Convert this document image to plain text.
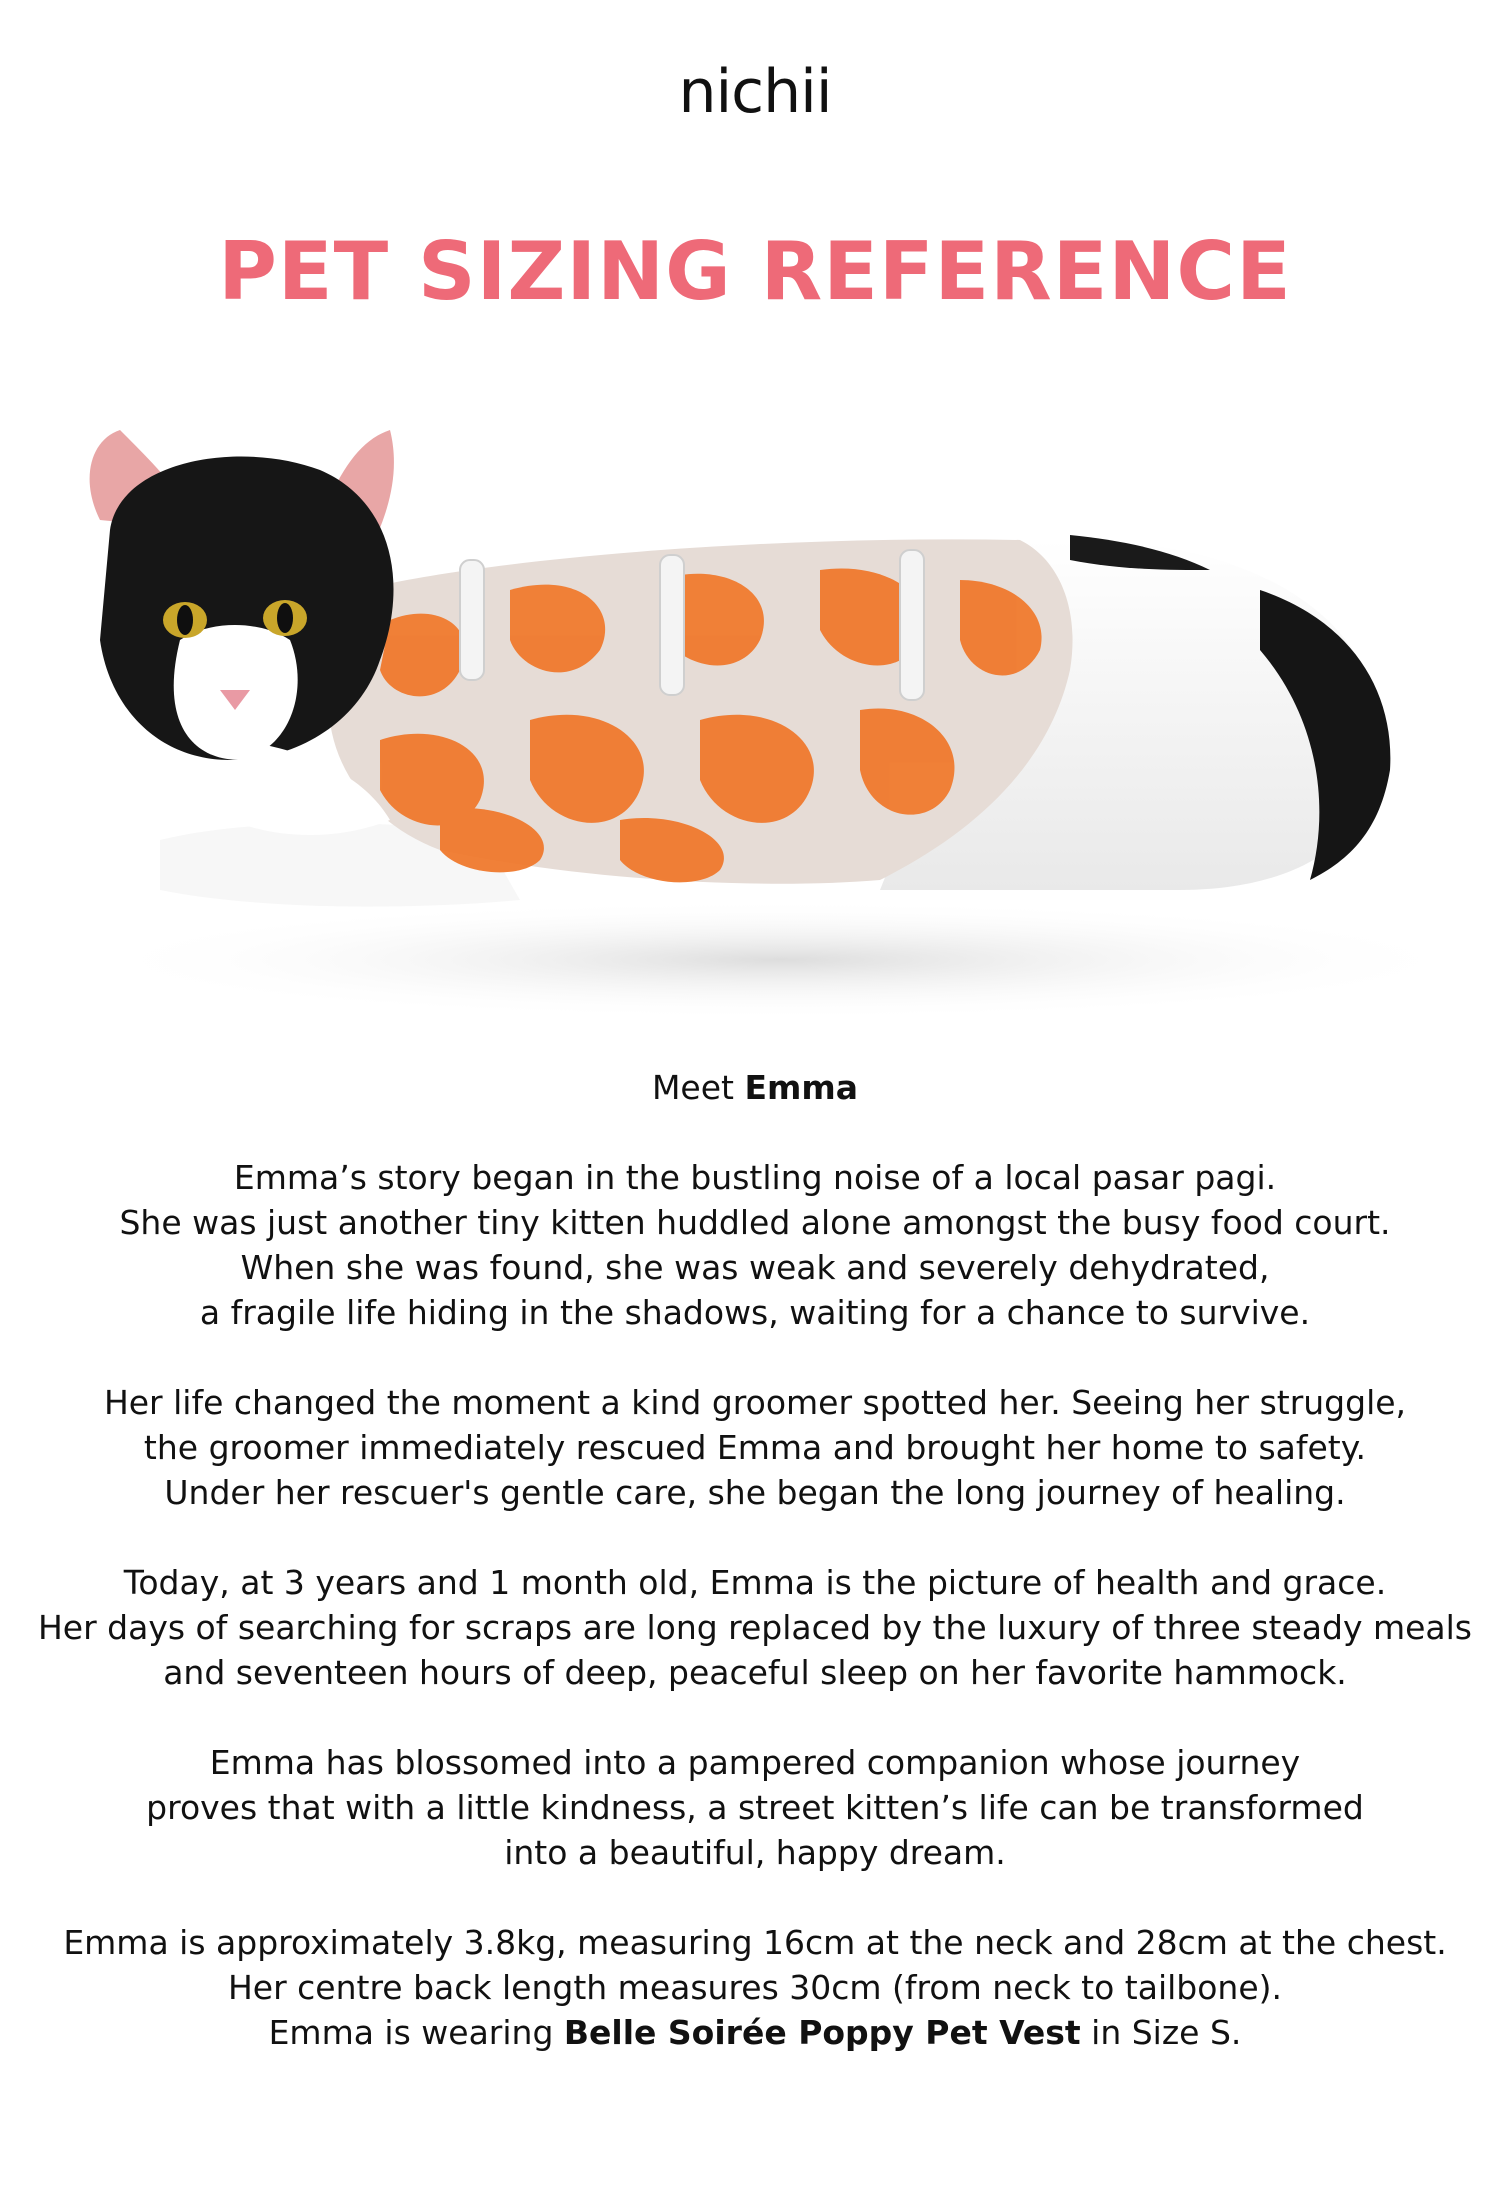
nichii
PET SIZING REFERENCE

Meet Emma

Emma’s story began in the bustling noise of a local pasar pagi.
She was just another tiny kitten huddled alone amongst the busy food court.
When she was found, she was weak and severely dehydrated,
a fragile life hiding in the shadows, waiting for a chance to survive.

Her life changed the moment a kind groomer spotted her. Seeing her struggle,
the groomer immediately rescued Emma and brought her home to safety.
Under her rescuer's gentle care, she began the long journey of healing.

Today, at 3 years and 1 month old, Emma is the picture of health and grace.
Her days of searching for scraps are long replaced by the luxury of three steady meals
and seventeen hours of deep, peaceful sleep on her favorite hammock.

Emma has blossomed into a pampered companion whose journey
proves that with a little kindness, a street kitten’s life can be transformed
into a beautiful, happy dream.

Emma is approximately 3.8kg, measuring 16cm at the neck and 28cm at the chest.
Her centre back length measures 30cm (from neck to tailbone).
Emma is wearing Belle Soirée Poppy Pet Vest in Size S.
